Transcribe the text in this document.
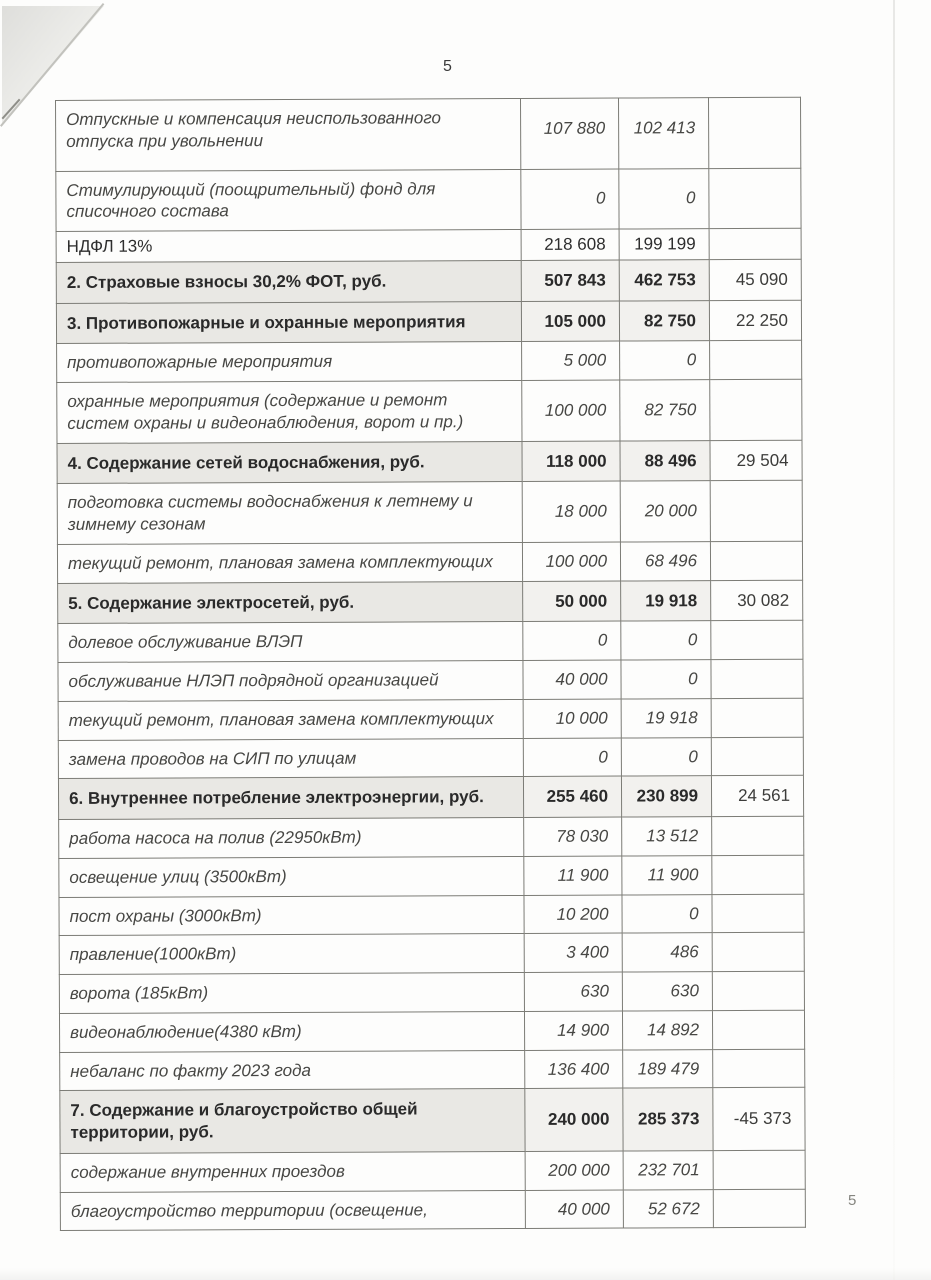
5
Отпускные и компенсация неиспользованного отпуска при увольнении	107 880	102 413	
Стимулирующий (поощрительный) фонд для списочного состава	0	0	
НДФЛ 13%	218 608	199 199	
2. Страховые взносы 30,2% ФОТ, руб.	507 843	462 753	45 090
3. Противопожарные и охранные мероприятия	105 000	82 750	22 250
противопожарные мероприятия	5 000	0	
охранные мероприятия (содержание и ремонт систем охраны и видеонаблюдения, ворот и пр.)	100 000	82 750	
4. Содержание сетей водоснабжения, руб.	118 000	88 496	29 504
подготовка системы водоснабжения к летнему и зимнему сезонам	18 000	20 000	
текущий ремонт, плановая замена комплектующих	100 000	68 496	
5. Содержание электросетей, руб.	50 000	19 918	30 082
долевое обслуживание ВЛЭП	0	0	
обслуживание НЛЭП подрядной организацией	40 000	0	
текущий ремонт, плановая замена комплектующих	10 000	19 918	
замена проводов на СИП по улицам	0	0	
6. Внутреннее потребление электроэнергии, руб.	255 460	230 899	24 561
работа насоса на полив (22950кВт)	78 030	13 512	
освещение улиц (3500кВт)	11 900	11 900	
пост охраны (3000кВт)	10 200	0	
правление(1000кВт)	3 400	486	
ворота (185кВт)	630	630	
видеонаблюдение(4380 кВт)	14 900	14 892	
небаланс по факту 2023 года	136 400	189 479	
7. Содержание и благоустройство общей территории, руб.	240 000	285 373	-45 373
содержание внутренних проездов	200 000	232 701	
благоустройство территории (освещение,	40 000	52 672		5
